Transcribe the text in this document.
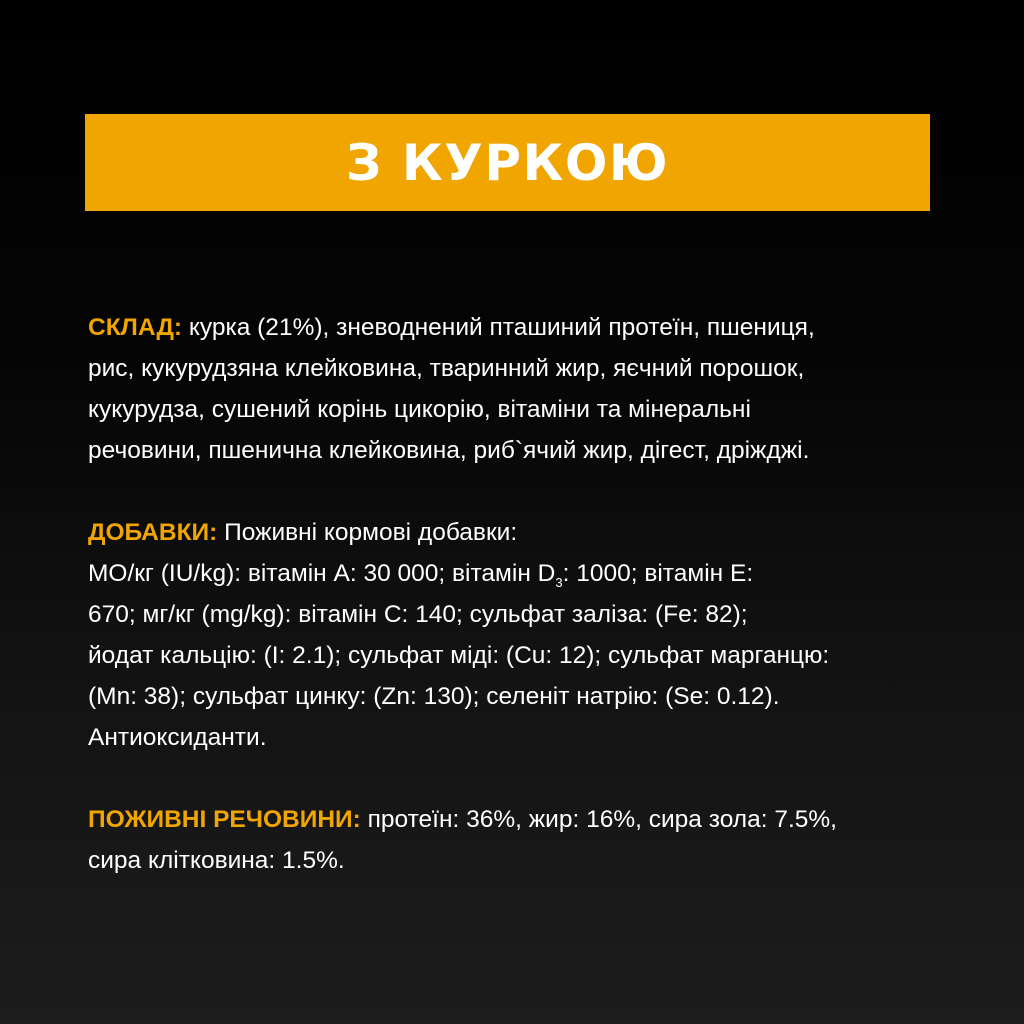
З КУРКОЮ

СКЛАД: курка (21%), зневоднений пташиний протеїн, пшениця,
рис, кукурудзяна клейковина, тваринний жир, яєчний порошок,
кукурудза, сушений корінь цикорію, вітаміни та мінеральні
речовини, пшенична клейковина, риб`ячий жир, дігест, дріжджі.

ДОБАВКИ: Поживні кормові добавки:
МО/кг (IU/kg): вітамін A: 30 000; вітамін $D_3$: 1000; вітамін E:
670; мг/кг (mg/kg): вітамін C: 140; сульфат заліза: (Fe: 82);
йодат кальцію: (I: 2.1); сульфат міді: (Cu: 12); сульфат марганцю:
(Mn: 38); сульфат цинку: (Zn: 130); селеніт натрію: (Se: 0.12).
Антиоксиданти.

ПОЖИВНІ РЕЧОВИНИ: протеїн: 36%, жир: 16%, сира зола: 7.5%,
сира клітковина: 1.5%.
